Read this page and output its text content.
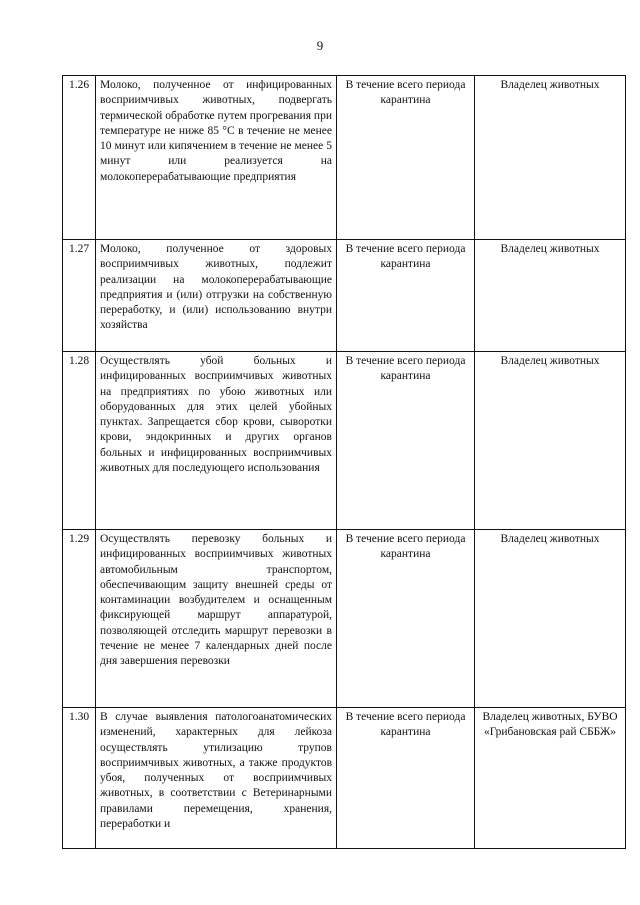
9
1.26	Молоко, полученное от инфицированных восприимчивых животных, подвергать термической обработке путем прогревания при температуре не ниже 85 °С в течение не менее 10 минут или кипячением в течение не менее 5 минут или реализуется на молокоперерабатывающие предприятия	В течение всего периода карантина	Владелец животных
1.27	Молоко, полученное от здоровых восприимчивых животных, подлежит реализации на молокоперерабатывающие предприятия и (или) отгрузки на собственную переработку, и (или) использованию внутри хозяйства	В течение всего периода карантина	Владелец животных
1.28	Осуществлять убой больных и инфицированных восприимчивых животных на предприятиях по убою животных или оборудованных для этих целей убойных пунктах. Запрещается сбор крови, сыворотки крови, эндокринных и других органов больных и инфицированных восприимчивых животных для последующего использования	В течение всего периода карантина	Владелец животных
1.29	Осуществлять перевозку больных и инфицированных восприимчивых животных автомобильным транспортом, обеспечивающим защиту внешней среды от контаминации возбудителем и оснащенным фиксирующей маршрут аппаратурой, позволяющей отследить маршрут перевозки в течение не менее 7 календарных дней после дня завершения перевозки	В течение всего периода карантина	Владелец животных
1.30	В случае выявления патологоанатомических изменений, характерных для лейкоза осуществлять утилизацию трупов восприимчивых животных, а также продуктов убоя, полученных от восприимчивых животных, в соответствии с Ветеринарными правилами перемещения, хранения, переработки и	В течение всего периода карантина	Владелец животных, БУВО «Грибановская рай СББЖ»
